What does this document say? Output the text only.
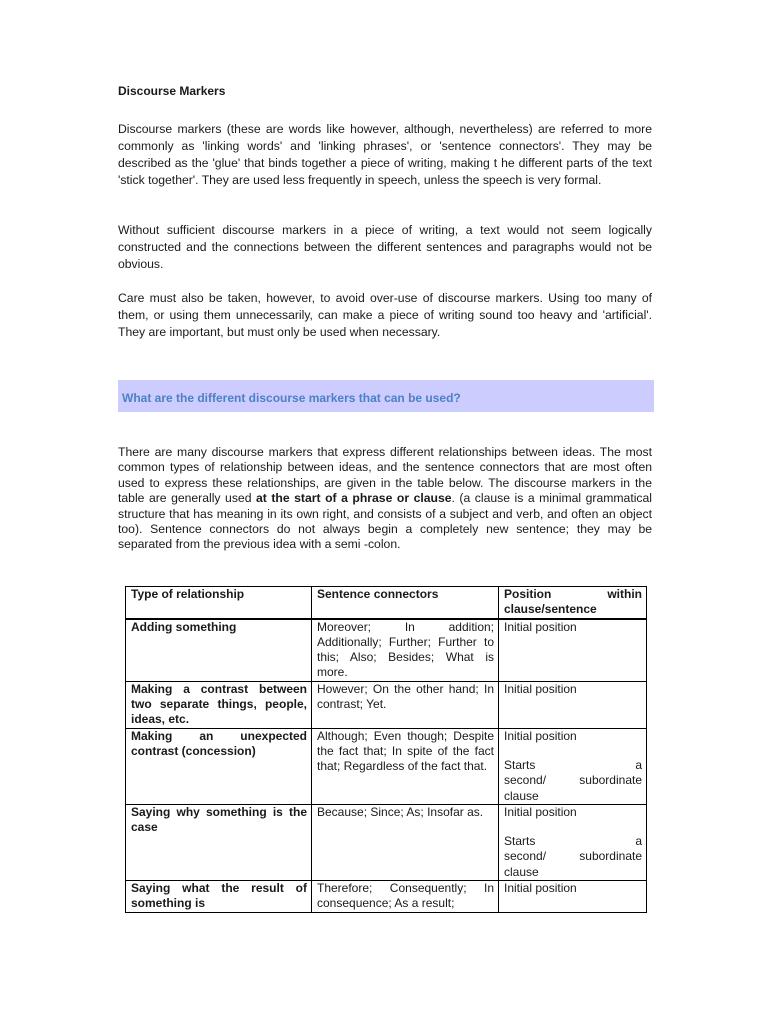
Discourse Markers

Discourse markers (these are words like however, although, nevertheless) are referred to more commonly as 'linking words' and 'linking phrases', or 'sentence connectors'. They may be described as the 'glue' that binds together a piece of writing, making t he different parts of the text 'stick together'. They are used less frequently in speech, unless the speech is very formal.

Without sufficient discourse markers in a piece of writing, a text would not seem logically constructed and the connections between the different sentences and paragraphs would not be obvious.

Care must also be taken, however, to avoid over-use of discourse markers. Using too many of them, or using them unnecessarily, can make a piece of writing sound too heavy and 'artificial'. They are important, but must only be used when necessary.

What are the different discourse markers that can be used?

There are many discourse markers that express different relationships between ideas. The most common types of relationship between ideas, and the sentence connectors that are most often used to express these relationships, are given in the table below. The discourse markers in the table are generally used at the start of a phrase or clause. (a clause is a minimal grammatical structure that has meaning in its own right, and consists of a subject and verb, and often an object too). Sentence connectors do not always begin a completely new sentence; they may be separated from the previous idea with a semi -colon.

Type of relationship	Sentence connectors	Position within
clause/sentence

Adding something	Moreover; In addition; Additionally; Further; Further to this; Also; Besides; What is more.	Initial position

Making a contrast between two separate things, people, ideas, etc.	However; On the other hand; In contrast; Yet.	Initial position

Making an unexpected contrast (concession)	Although; Even though; Despite the fact that; In spite of the fact that; Regardless of the fact that.	Initial position
Starts a
second/ subordinate clause

Saying why something is the case	Because; Since; As; Insofar as.	Initial position
Starts a
second/ subordinate clause

Saying what the result of something is	Therefore; Consequently; In consequence; As a result;	Initial position
